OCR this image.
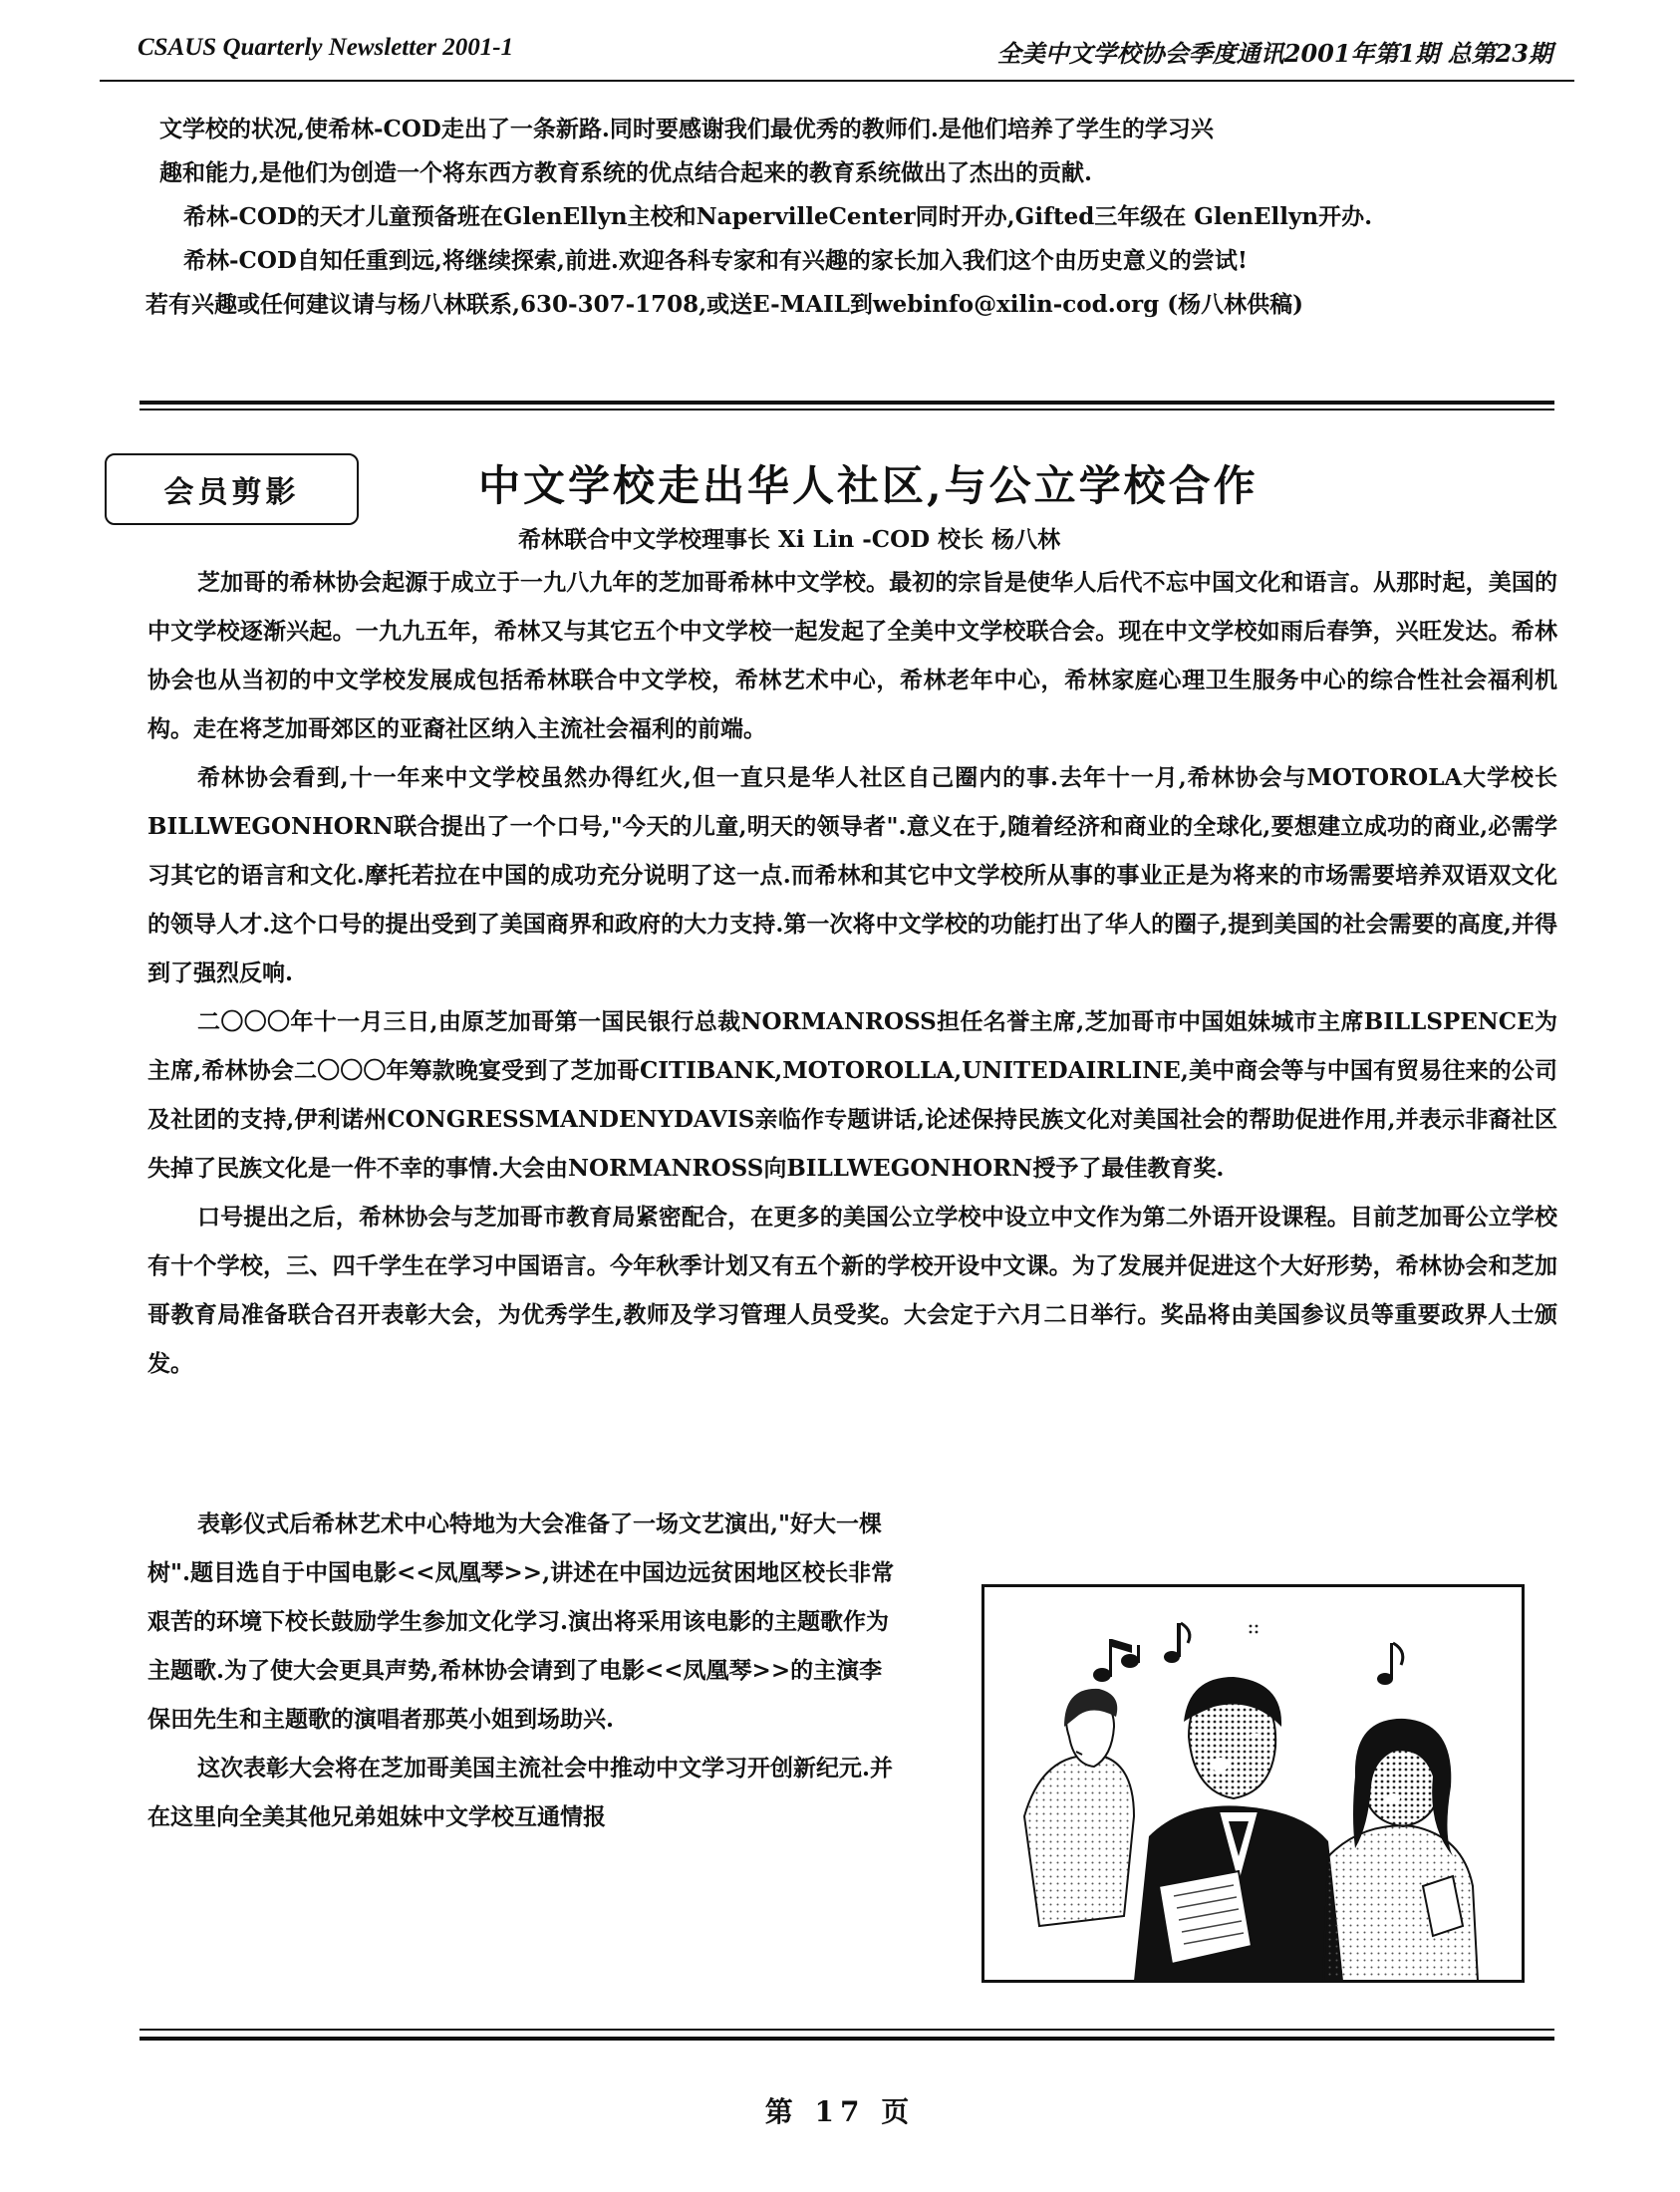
CSAUS Quarterly Newsletter 2001-1	全美中文学校协会季度通讯2001年第1期 总第23期

文学校的状况,使希林-COD走出了一条新路.同时要感谢我们最优秀的教师们.是他们培养了学生的学习兴

趣和能力,是他们为创造一个将东西方教育系统的优点结合起来的教育系统做出了杰出的贡献.

希林-COD的天才儿童预备班在GlenEllyn主校和NapervilleCenter同时开办,Gifted三年级在 GlenEllyn开办.

希林-COD自知任重到远,将继续探索,前进.欢迎各科专家和有兴趣的家长加入我们这个由历史意义的尝试!

若有兴趣或任何建议请与杨八林联系,630-307-1708,或送E-MAIL到webinfo@xilin-cod.org (杨八林供稿)

会员剪影	中文学校走出华人社区,与公立学校合作
希林联合中文学校理事长 Xi Lin -COD 校长 杨八林

芝加哥的希林协会起源于成立于一九八九年的芝加哥希林中文学校。最初的宗旨是使华人后代不忘中国文化和语言。从那时起，美国的中文学校逐渐兴起。一九九五年，希林又与其它五个中文学校一起发起了全美中文学校联合会。现在中文学校如雨后春笋，兴旺发达。希林协会也从当初的中文学校发展成包括希林联合中文学校，希林艺术中心，希林老年中心，希林家庭心理卫生服务中心的综合性社会福利机构。走在将芝加哥郊区的亚裔社区纳入主流社会福利的前端。

希林协会看到,十一年来中文学校虽然办得红火,但一直只是华人社区自己圈内的事.去年十一月,希林协会与MOTOROLA大学校长BILLWEGONHORN联合提出了一个口号,"今天的儿童,明天的领导者".意义在于,随着经济和商业的全球化,要想建立成功的商业,必需学习其它的语言和文化.摩托若拉在中国的成功充分说明了这一点.而希林和其它中文学校所从事的事业正是为将来的市场需要培养双语双文化的领导人才.这个口号的提出受到了美国商界和政府的大力支持.第一次将中文学校的功能打出了华人的圈子,提到美国的社会需要的高度,并得到了强烈反响.

二〇〇〇年十一月三日,由原芝加哥第一国民银行总裁NORMANROSS担任名誉主席,芝加哥市中国姐妹城市主席BILLSPENCE为主席,希林协会二〇〇〇年筹款晚宴受到了芝加哥CITIBANK,MOTOROLLA,UNITEDAIRLINE,美中商会等与中国有贸易往来的公司及社团的支持,伊利诺州CONGRESSMANDENYDAVIS亲临作专题讲话,论述保持民族文化对美国社会的帮助促进作用,并表示非裔社区失掉了民族文化是一件不幸的事情.大会由NORMANROSS向BILLWEGONHORN授予了最佳教育奖.

口号提出之后，希林协会与芝加哥市教育局紧密配合，在更多的美国公立学校中设立中文作为第二外语开设课程。目前芝加哥公立学校有十个学校，三、四千学生在学习中国语言。今年秋季计划又有五个新的学校开设中文课。为了发展并促进这个大好形势，希林协会和芝加哥教育局准备联合召开表彰大会，为优秀学生,教师及学习管理人员受奖。大会定于六月二日举行。奖品将由美国参议员等重要政界人士颁发。

表彰仪式后希林艺术中心特地为大会准备了一场文艺演出,"好大一棵树".题目选自于中国电影<<凤凰琴>>,讲述在中国边远贫困地区校长非常艰苦的环境下校长鼓励学生参加文化学习.演出将采用该电影的主题歌作为主题歌.为了使大会更具声势,希林协会请到了电影<<凤凰琴>>的主演李保田先生和主题歌的演唱者那英小姐到场助兴.

这次表彰大会将在芝加哥美国主流社会中推动中文学习开创新纪元.并在这里向全美其他兄弟姐妹中文学校互通情报

第 17 页
